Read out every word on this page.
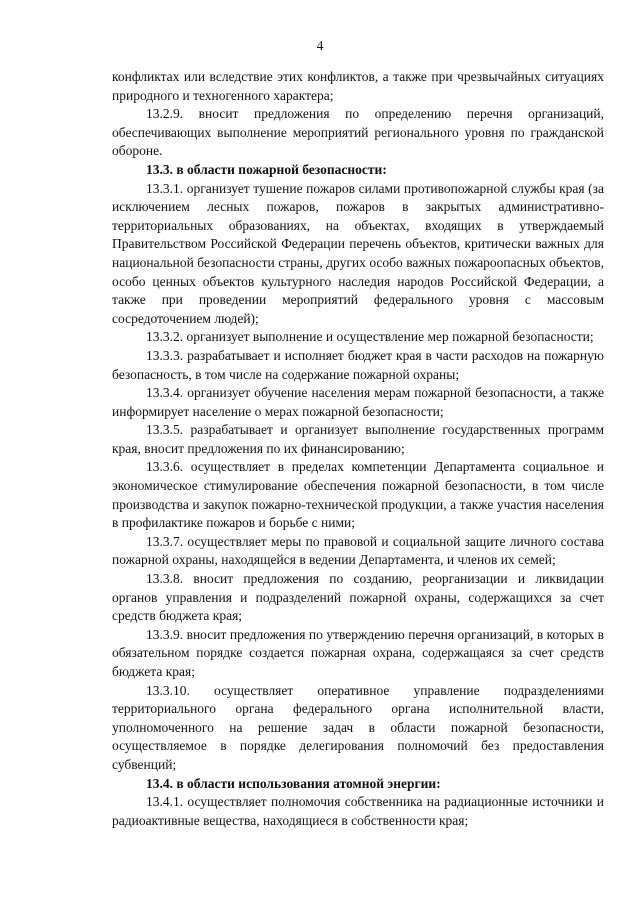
4

конфликтах или вследствие этих конфликтов, а также при чрезвычайных ситуациях природного и техногенного характера;

13.2.9. вносит предложения по определению перечня организаций, обеспечивающих выполнение мероприятий регионального уровня по гражданской обороне.

13.3. в области пожарной безопасности:

13.3.1. организует тушение пожаров силами противопожарной службы края (за исключением лесных пожаров, пожаров в закрытых административно-территориальных образованиях, на объектах, входящих в утверждаемый Правительством Российской Федерации перечень объектов, критически важных для национальной безопасности страны, других особо важных пожароопасных объектов, особо ценных объектов культурного наследия народов Российской Федерации, а также при проведении мероприятий федерального уровня с массовым сосредоточением людей);

13.3.2. организует выполнение и осуществление мер пожарной безопасности;

13.3.3. разрабатывает и исполняет бюджет края в части расходов на пожарную безопасность, в том числе на содержание пожарной охраны;

13.3.4. организует обучение населения мерам пожарной безопасности, а также информирует население о мерах пожарной безопасности;

13.3.5. разрабатывает и организует выполнение государственных программ края, вносит предложения по их финансированию;

13.3.6. осуществляет в пределах компетенции Департамента социальное и экономическое стимулирование обеспечения пожарной безопасности, в том числе производства и закупок пожарно-технической продукции, а также участия населения в профилактике пожаров и борьбе с ними;

13.3.7. осуществляет меры по правовой и социальной защите личного состава пожарной охраны, находящейся в ведении Департамента, и членов их семей;

13.3.8. вносит предложения по созданию, реорганизации и ликвидации органов управления и подразделений пожарной охраны, содержащихся за счет средств бюджета края;

13.3.9. вносит предложения по утверждению перечня организаций, в которых в обязательном порядке создается пожарная охрана, содержащаяся за счет средств бюджета края;

13.3.10. осуществляет оперативное управление подразделениями территориального органа федерального органа исполнительной власти, уполномоченного на решение задач в области пожарной безопасности, осуществляемое в порядке делегирования полномочий без предоставления субвенций;

13.4. в области использования атомной энергии:

13.4.1. осуществляет полномочия собственника на радиационные источники и радиоактивные вещества, находящиеся в собственности края;
